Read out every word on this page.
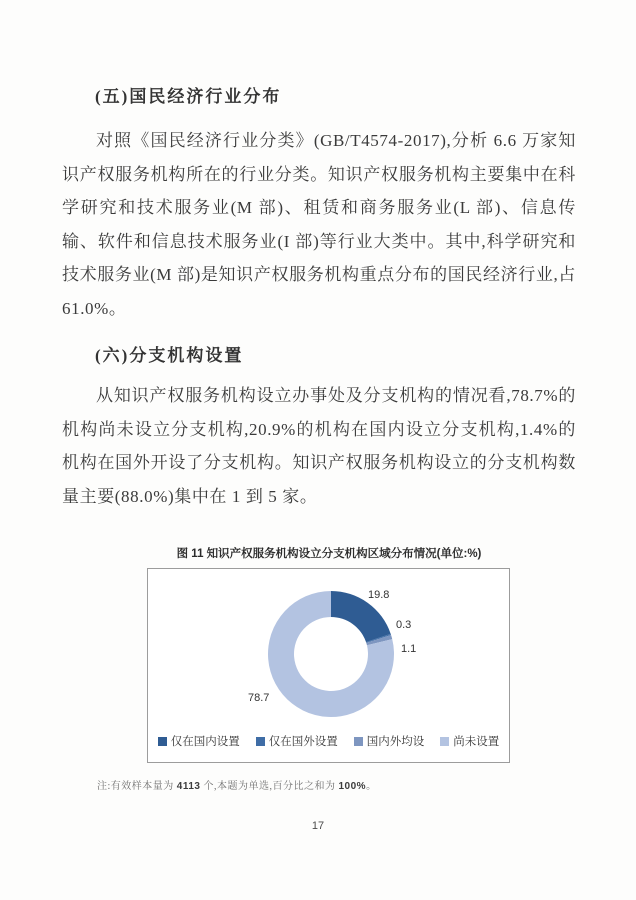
(五)国民经济行业分布
对照《国民经济行业分类》(GB/T4574-2017),分析 6.6 万家知识产权服务机构所在的行业分类。知识产权服务机构主要集中在科学研究和技术服务业(M 部)、租赁和商务服务业(L 部)、信息传输、软件和信息技术服务业(I 部)等行业大类中。其中,科学研究和技术服务业(M 部)是知识产权服务机构重点分布的国民经济行业,占 61.0%。
(六)分支机构设置
从知识产权服务机构设立办事处及分支机构的情况看,78.7%的机构尚未设立分支机构,20.9%的机构在国内设立分支机构,1.4%的机构在国外开设了分支机构。知识产权服务机构设立的分支机构数量主要(88.0%)集中在 1 到 5 家。
图 11 知识产权服务机构设立分支机构区域分布情况(单位:%)
19.8
0.3
1.1
78.7
仅在国内设置	仅在国外设置	国内外均设	尚未设置
注:有效样本量为 4113 个,本题为单选,百分比之和为 100%。
17
